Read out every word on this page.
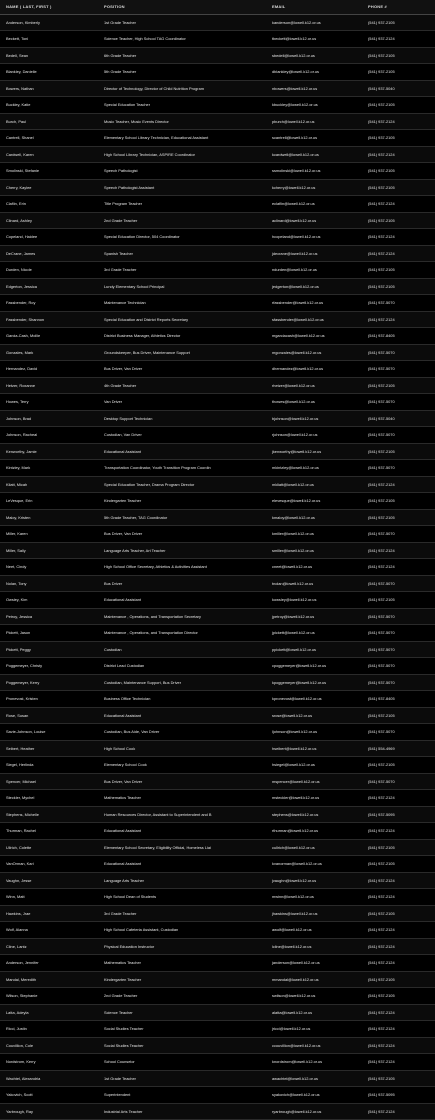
NAME ( LAST, FIRST )	POSITION	EMAIL	PHONE #
Anderson, Kimberly	1st Grade Teacher	kanderson@lowell.k12.or.us	(541) 937-2105
Beckett, Toni	Science Teacher, High School TAG Coordinator	tbeckett@lowell.k12.or.us	(541) 937-2124
Bedell, Sean	6th Grade Teacher	sbedell@lowell.k12.or.us	(541) 937-2105
Blankley, Danielle	5th Grade Teacher	dblankley@lowell.k12.or.us	(541) 937-2105
Bowers, Nathan	Director of Technology, Director of Child Nutrition Program	nbowers@lowell.k12.or.us	(541) 937-5040
Buckley, Katie	Special Education Teacher	kbuckley@lowell.k12.or.us	(541) 937-2105
Burch, Paul	Music Teacher, Music Events Director	pburch@lowell.k12.or.us	(541) 937-2124
Cantrell, Shanel	Elementary School Library Technician, Educational Assistant	scantrell@lowell.k12.or.us	(541) 937-2105
Cardwell, Karen	High School Library Technician, ASPIRE Coordinator	kcardwell@lowell.k12.or.us	(541) 937-2124
Smolinski, Stefanie	Speech Pathologist	ssmolinski@lowell.k12.or.us	(541) 937-2105
Cherry, Kaylee	Speech Pathologist Assistant	kcherry@lowell.k12.or.us	(541) 937-2105
Claflin, Erin	Title Program Teacher	eclaflin@lowell.k12.or.us	(541) 937-2124
Clinard, Ashley	2nd Grade Teacher	aclinard@lowell.k12.or.us	(541) 937-2105
Copeland, Haidee	Special Education Director, 504 Coordinator	hcopeland@lowell.k12.or.us	(541) 937-2124
DeCrane, James	Spanish Teacher	jdecrane@lowell.k12.or.us	(541) 937-2124
Durden, Nicole	3rd Grade Teacher	ndurden@lowell.k12.or.us	(541) 937-2105
Edgerton, Jessica	Lundy Elementary School Principal	jedgerton@lowell.k12.or.us	(541) 937-2105
Fassbender, Roy	Maintenance Technician	rfassbender@lowell.k12.or.us	(541) 937-5070
Fassbender, Shannon	Special Education and District Reports Secretary	sfassbender@lowell.k12.or.us	(541) 937-2124
Garcia-Cash, Mollie	District Business Manager, Athletics Director	mgarciacash@lowell.k12.or.us	(541) 937-8405
Gonzales, Mark	Groundskeeper, Bus Driver, Maintenance Support	mgonzales@lowell.k12.or.us	(541) 937-5070
Hernandez, David	Bus Driver, Van Driver	dhernandez@lowell.k12.or.us	(541) 937-5070
Hetzer, Roxanne	4th Grade Teacher	rhetzer@lowell.k12.or.us	(541) 937-2105
Howes, Terry	Van Driver	thowes@lowell.k12.or.us	(541) 937-5070
Johnson, Brad	Desktop Support Technician	bjohnson@lowell.k12.or.us	(541) 937-5040
Johnson, Racheal	Custodian, Van Driver	rjohnson@lowell.k12.or.us	(541) 937-5070
Kenworthy, Jamie	Educational Assistant	jkenworthy@lowell.k12.or.us	(541) 937-2105
Kintzley, Mark	Transportation Coordinator, Youth Transition Program Coordin	mkintzley@lowell.k12.or.us	(541) 937-5070
Kliatt, Micah	Special Education Teacher, Drama Program Director	mkliatt@lowell.k12.or.us	(541) 937-2124
LeVesque, Erin	Kindergarten Teacher	elevesque@lowell.k12.or.us	(541) 937-2105
Maloy, Kristen	5th Grade Teacher, TAG Coordinator	kmaloy@lowell.k12.or.us	(541) 937-2105
Miller, Karen	Bus Driver, Van Driver	kmiller@lowell.k12.or.us	(541) 937-5070
Miller, Sally	Language Arts Teacher, Art Teacher	smiller@lowell.k12.or.us	(541) 937-2124
Neet, Cindy	High School Office Secretary, Athletics & Activities Assistant	cneet@lowell.k12.or.us	(541) 937-2124
Nolan, Tony	Bus Driver	tnolan@lowell.k12.or.us	(541) 937-5070
Owsley, Kim	Educational Assistant	kowsley@lowell.k12.or.us	(541) 937-2105
Petroy, Jessica	Maintenance , Operations, and Transportation Secretary	jpetroy@lowell.k12.or.us	(541) 937-5070
Pickett, Jason	Maintenance , Operations, and Transportation Director	jpickett@lowell.k12.or.us	(541) 937-5070
Pickett, Peggy	Custodian	ppickett@lowell.k12.or.us	(541) 937-5070
Poggemeyer, Christy	District Lead Custodian	cpoggemeyer@lowell.k12.or.us	(541) 937-5070
Poggemeyer, Kerry	Custodian, Maintenance Support, Bus Driver	kpoggemeyer@lowell.k12.or.us	(541) 937-5070
Pronevost, Kristen	Business Office Technician	kpronevost@lowell.k12.or.us	(541) 937-8405
Rose, Susan	Educational Assistant	srose@lowell.k12.or.us	(541) 937-2105
Savie-Johnson, Louise	Custodian, Bus Aide, Van Driver	ljohnson@lowell.k12.or.us	(541) 937-5070
Seibert, Heather	High School Cook	hseibert@lowell.k12.or.us	(541) 554-4969
Siegel, Herlinda	Elementary School Cook	hsiegel@lowell.k12.or.us	(541) 937-2105
Spencer, Michael	Bus Driver, Van Driver	mspencer@lowell.k12.or.us	(541) 937-5070
Steckler, Mychel	Mathematics Teacher	msteckler@lowell.k12.or.us	(541) 937-2124
Stephens, Michelle	Human Resources Director, Assistant to Superintendent and B	stephens@lowell.k12.or.us	(541) 937-5095
Thurman, Rachel	Educational Assistant	rthurman@lowell.k12.or.us	(541) 937-2124
Ullrich, Colette	Elementary School Secretary, Eligibility Official, Homeless Liai	cullrich@lowell.k12.or.us	(541) 937-2105
VanOrman, Kari	Educational Assistant	kvanorman@lowell.k12.or.us	(541) 937-2105
Vaughn, Jesse	Language Arts Teacher	jvaughn@lowell.k12.or.us	(541) 937-2124
Winn, Matt	High School Dean of Students	mwinn@lowell.k12.or.us	(541) 937-2124
Hawkins, Jrae	3rd Grade Teacher	jhawkins@lowell.k12.or.us	(541) 937-2105
Wolf, Alanna	High School Cafeteria Assistant, Custodian	awolf@lowell.k12.or.us	(541) 937-2124
Cline, Lantz	Physical Education Instructor	lcline@lowell.k12.or.us	(541) 937-2124
Anderson, Jennifer	Mathematics Teacher	janderson@lowell.k12.or.us	(541) 937-2124
Mandal, Meredith	Kindergarten Teacher	mmandal@lowell.k12.or.us	(541) 937-2105
Wilson, Stephanie	2nd Grade Teacher	swilson@lowell.k12.or.us	(541) 937-2105
Latta, Adeyla	Science Teacher	alatta@lowell.k12.or.us	(541) 937-2124
Ricci, Justin	Social Studies Teacher	jricci@lowell.k12.or.us	(541) 937-2124
Couvillion, Cole	Social Studies Teacher	ccouvillion@lowell.k12.or.us	(541) 937-2124
Nordstrom, Kerry	School Counselor	knordstrom@lowell.k12.or.us	(541) 937-2124
Wachtel, Alexandria	1st Grade Teacher	awachtel@lowell.k12.or.us	(541) 937-2105
Yakovich, Scott	Superintendent	syakovich@lowell.k12.or.us	(541) 937-5095
Yarbrough, Ray	Industrial Arts Teacher	ryarbrough@lowell.k12.or.us	(541) 937-2124
